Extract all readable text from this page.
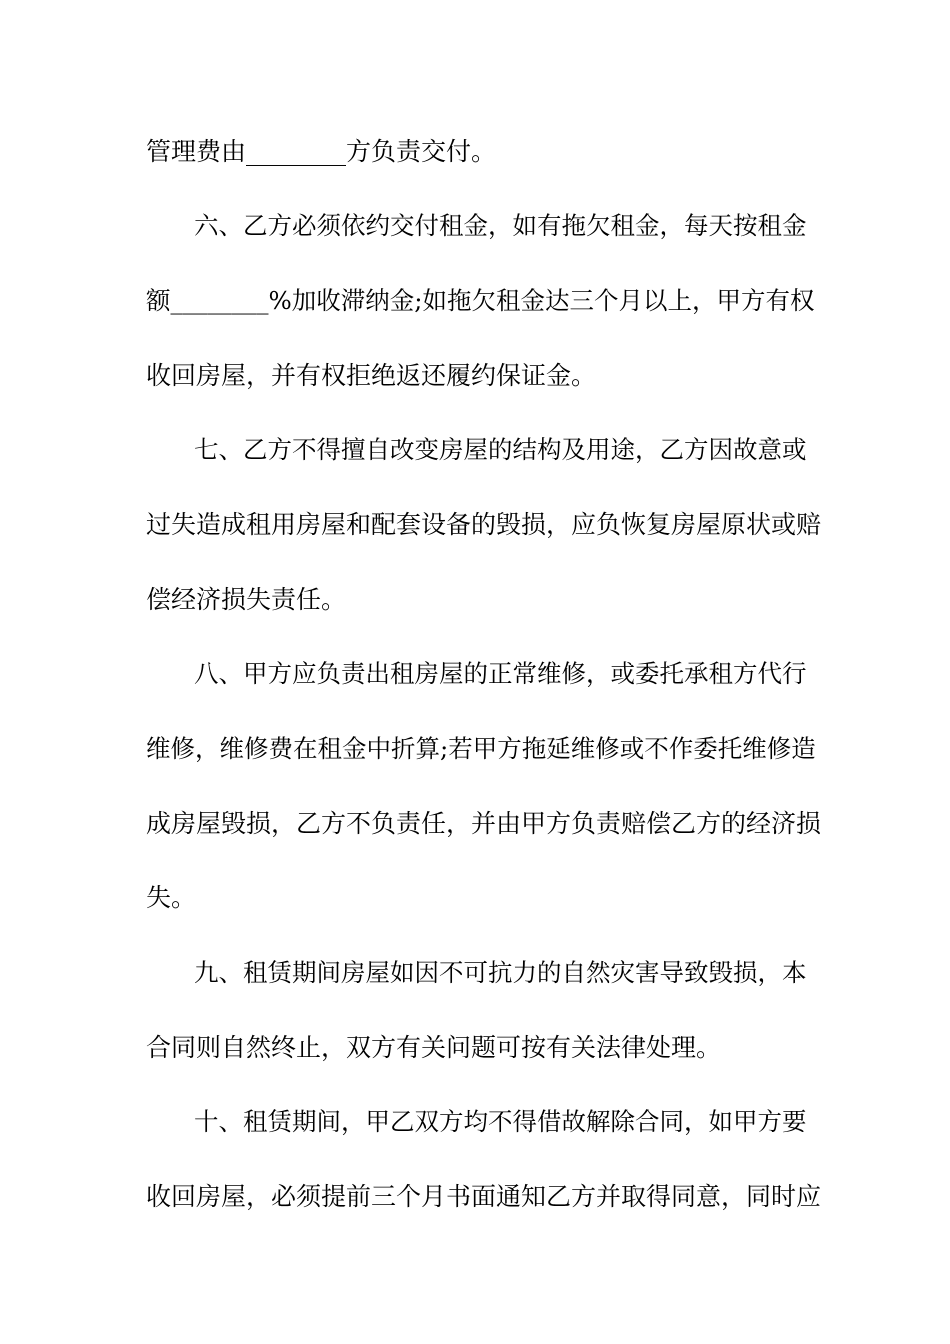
管理费由________方负责交付。
六、乙方必须依约交付租金，如有拖欠租金，每天按租金
额________%加收滞纳金;如拖欠租金达三个月以上，甲方有权
收回房屋，并有权拒绝返还履约保证金。
七、乙方不得擅自改变房屋的结构及用途，乙方因故意或
过失造成租用房屋和配套设备的毁损，应负恢复房屋原状或赔
偿经济损失责任。
八、甲方应负责出租房屋的正常维修，或委托承租方代行
维修，维修费在租金中折算;若甲方拖延维修或不作委托维修造
成房屋毁损，乙方不负责任，并由甲方负责赔偿乙方的经济损
失。
九、租赁期间房屋如因不可抗力的自然灾害导致毁损，本
合同则自然终止，双方有关问题可按有关法律处理。
十、租赁期间，甲乙双方均不得借故解除合同，如甲方要
收回房屋，必须提前三个月书面通知乙方并取得同意，同时应
